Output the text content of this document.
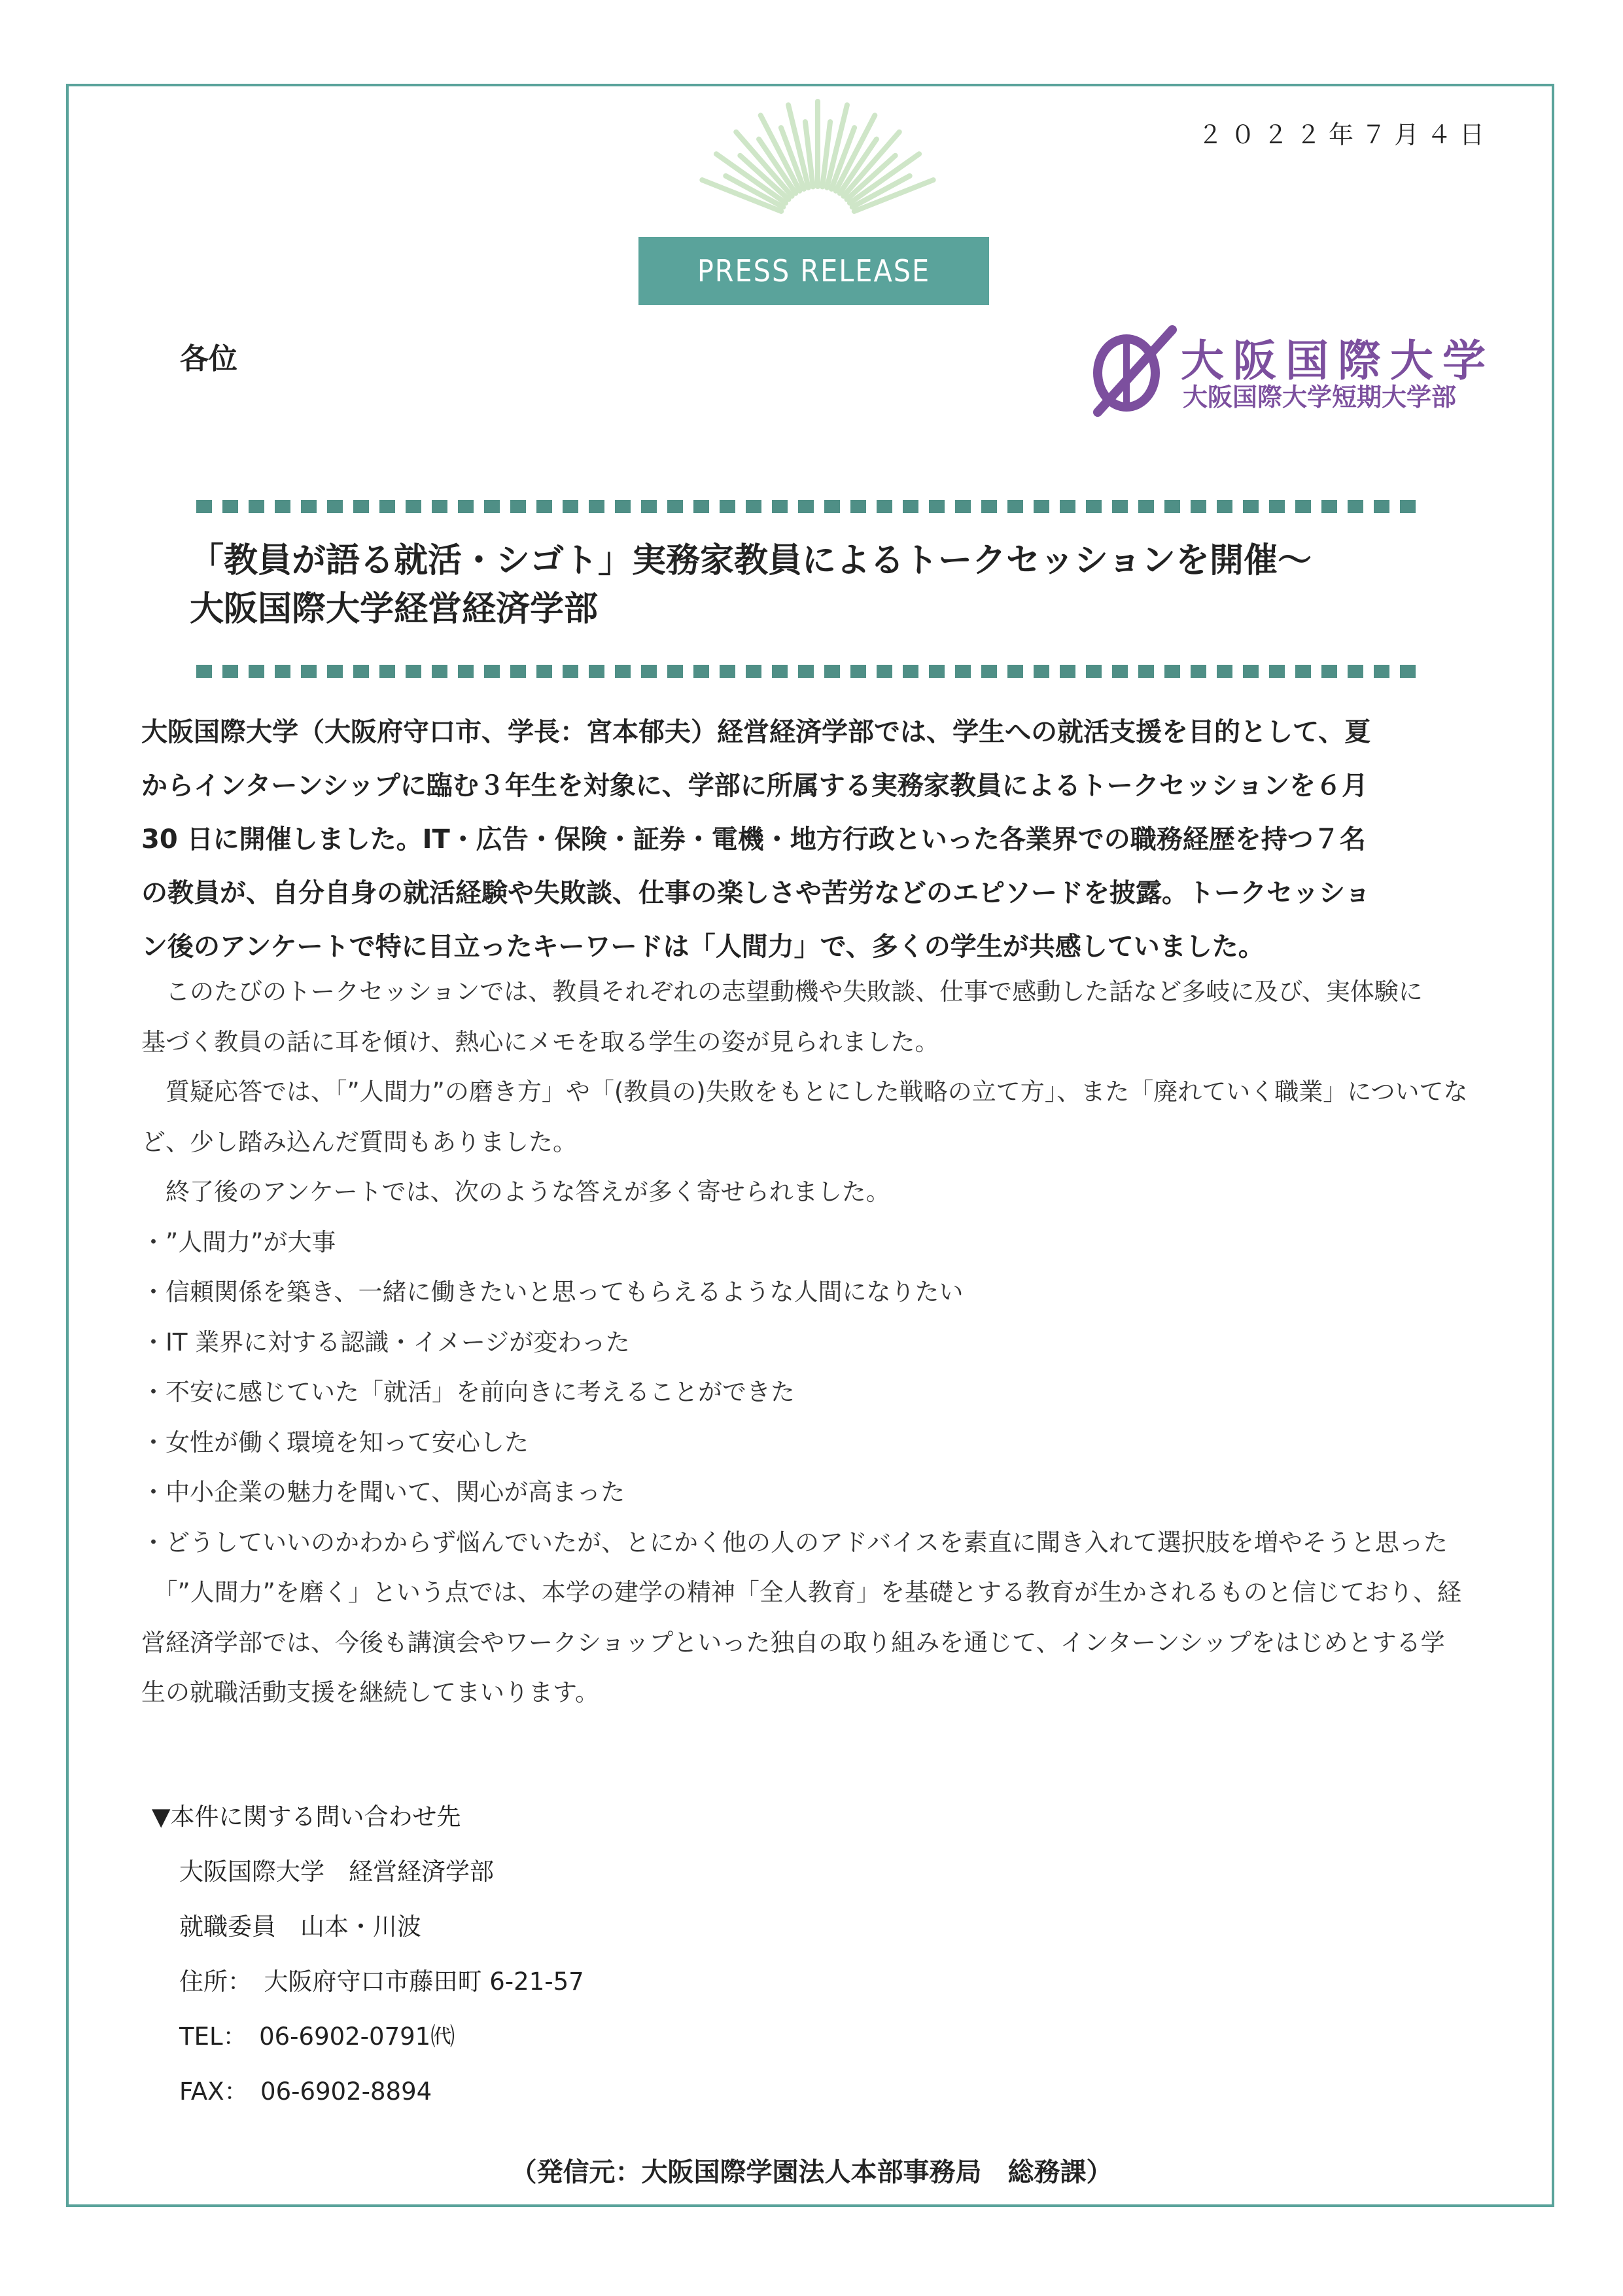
２０２２年７月４日
PRESS RELEASE
各位	大阪国際大学
大阪国際大学短期大学部
「教員が語る就活・シゴト」実務家教員によるトークセッションを開催～
大阪国際大学経営経済学部
大阪国際大学（大阪府守口市、学長：宮本郁夫）経営経済学部では、学生への就活支援を目的として、夏
からインターンシップに臨む３年生を対象に、学部に所属する実務家教員によるトークセッションを６月
30 日に開催しました。IT・広告・保険・証券・電機・地方行政といった各業界での職務経歴を持つ７名
の教員が、自分自身の就活経験や失敗談、仕事の楽しさや苦労などのエピソードを披露。トークセッショ
ン後のアンケートで特に目立ったキーワードは「人間力」で、多くの学生が共感していました。

　このたびのトークセッションでは、教員それぞれの志望動機や失敗談、仕事で感動した話など多岐に及び、実体験に

基づく教員の話に耳を傾け、熱心にメモを取る学生の姿が見られました。

　質疑応答では、「”人間力”の磨き方」や「(教員の)失敗をもとにした戦略の立て方」、また「廃れていく職業」についてな

ど、少し踏み込んだ質問もありました。

　終了後のアンケートでは、次のような答えが多く寄せられました。

・”人間力”が大事

・信頼関係を築き、一緒に働きたいと思ってもらえるような人間になりたい

・IT 業界に対する認識・イメージが変わった

・不安に感じていた「就活」を前向きに考えることができた

・女性が働く環境を知って安心した

・中小企業の魅力を聞いて、関心が高まった

・どうしていいのかわからず悩んでいたが、とにかく他の人のアドバイスを素直に聞き入れて選択肢を増やそうと思った

　「”人間力”を磨く」という点では、本学の建学の精神「全人教育」を基礎とする教育が生かされるものと信じており、経

営経済学部では、今後も講演会やワークショップといった独自の取り組みを通じて、インターンシップをはじめとする学

生の就職活動支援を継続してまいります。

▼本件に関する問い合わせ先
大阪国際大学　経営経済学部
就職委員　山本・川波
住所：　大阪府守口市藤田町 6-21-57
TEL：　06-6902-0791㈹
FAX：　06-6902-8894
（発信元：大阪国際学園法人本部事務局　総務課）
